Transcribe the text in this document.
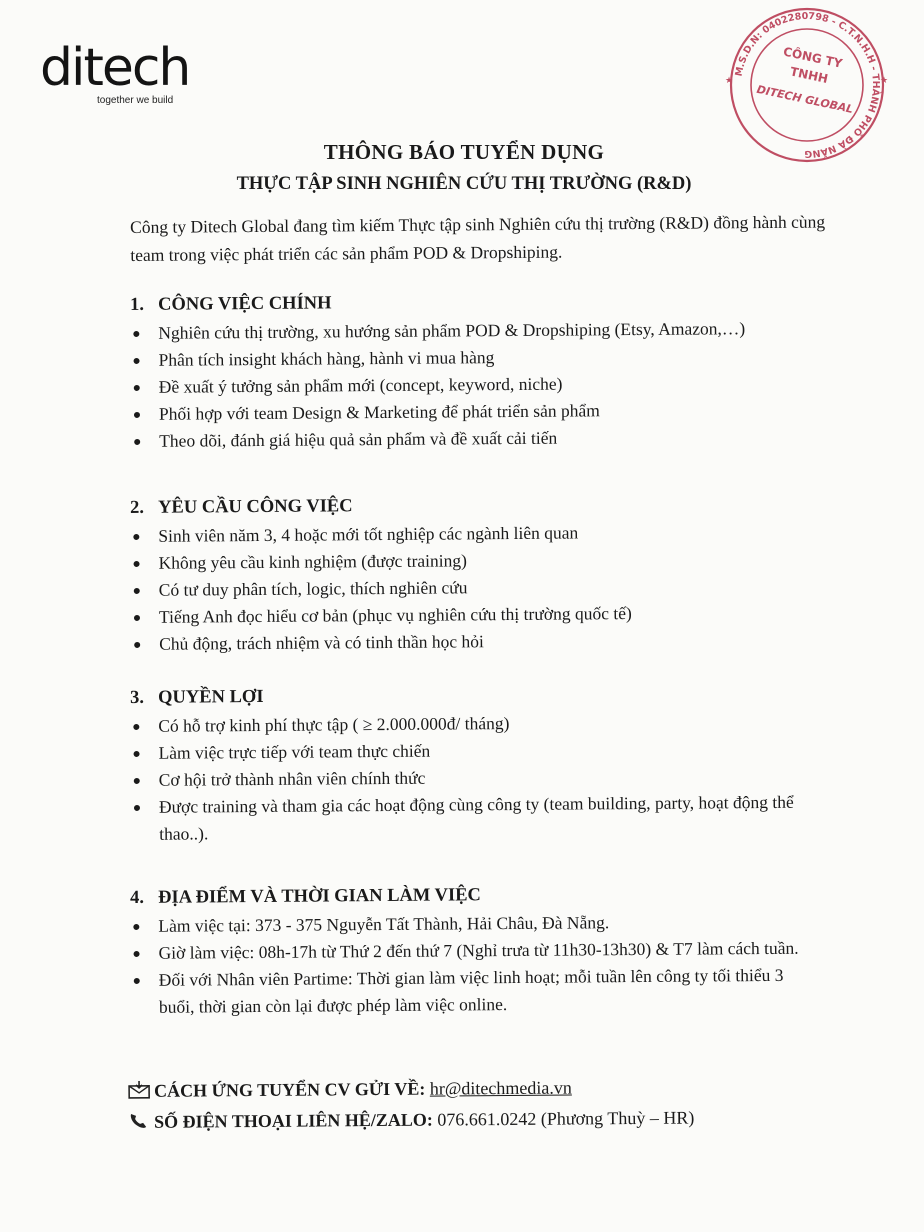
ditech
together we build
M.S.D.N: 0402280798 - C.T.N.H.H - THÀNH PHỐ ĐÀ NẴNG
★	★
CÔNG TY
TNHH
DITECH GLOBAL
THÔNG BÁO TUYỂN DỤNG
THỰC TẬP SINH NGHIÊN CỨU THỊ TRƯỜNG (R&D)
Công ty Ditech Global đang tìm kiếm Thực tập sinh Nghiên cứu thị trường (R&D) đồng hành cùng team trong việc phát triển các sản phẩm POD & Dropshiping.
1. CÔNG VIỆC CHÍNH
Nghiên cứu thị trường, xu hướng sản phẩm POD & Dropshiping (Etsy, Amazon,…)
Phân tích insight khách hàng, hành vi mua hàng
Đề xuất ý tưởng sản phẩm mới (concept, keyword, niche)
Phối hợp với team Design & Marketing để phát triển sản phẩm
Theo dõi, đánh giá hiệu quả sản phẩm và đề xuất cải tiến
2. YÊU CẦU CÔNG VIỆC
Sinh viên năm 3, 4 hoặc mới tốt nghiệp các ngành liên quan
Không yêu cầu kinh nghiệm (được training)
Có tư duy phân tích, logic, thích nghiên cứu
Tiếng Anh đọc hiểu cơ bản (phục vụ nghiên cứu thị trường quốc tế)
Chủ động, trách nhiệm và có tinh thần học hỏi
3. QUYỀN LỢI
Có hỗ trợ kinh phí thực tập ( ≥ 2.000.000đ/ tháng)
Làm việc trực tiếp với team thực chiến
Cơ hội trở thành nhân viên chính thức
Được training và tham gia các hoạt động cùng công ty (team building, party, hoạt động thể thao..).
4. ĐỊA ĐIỂM VÀ THỜI GIAN LÀM VIỆC
Làm việc tại: 373 - 375 Nguyễn Tất Thành, Hải Châu, Đà Nẵng.
Giờ làm việc: 08h-17h từ Thứ 2 đến thứ 7 (Nghỉ trưa từ 11h30-13h30) & T7 làm cách tuần.
Đối với Nhân viên Partime: Thời gian làm việc linh hoạt; mỗi tuần lên công ty tối thiểu 3 buổi, thời gian còn lại được phép làm việc online.
CÁCH ỨNG TUYỂN CV GỬI VỀ: hr@ditechmedia.vn
SỐ ĐIỆN THOẠI LIÊN HỆ/ZALO: 076.661.0242 (Phương Thuỳ – HR)
